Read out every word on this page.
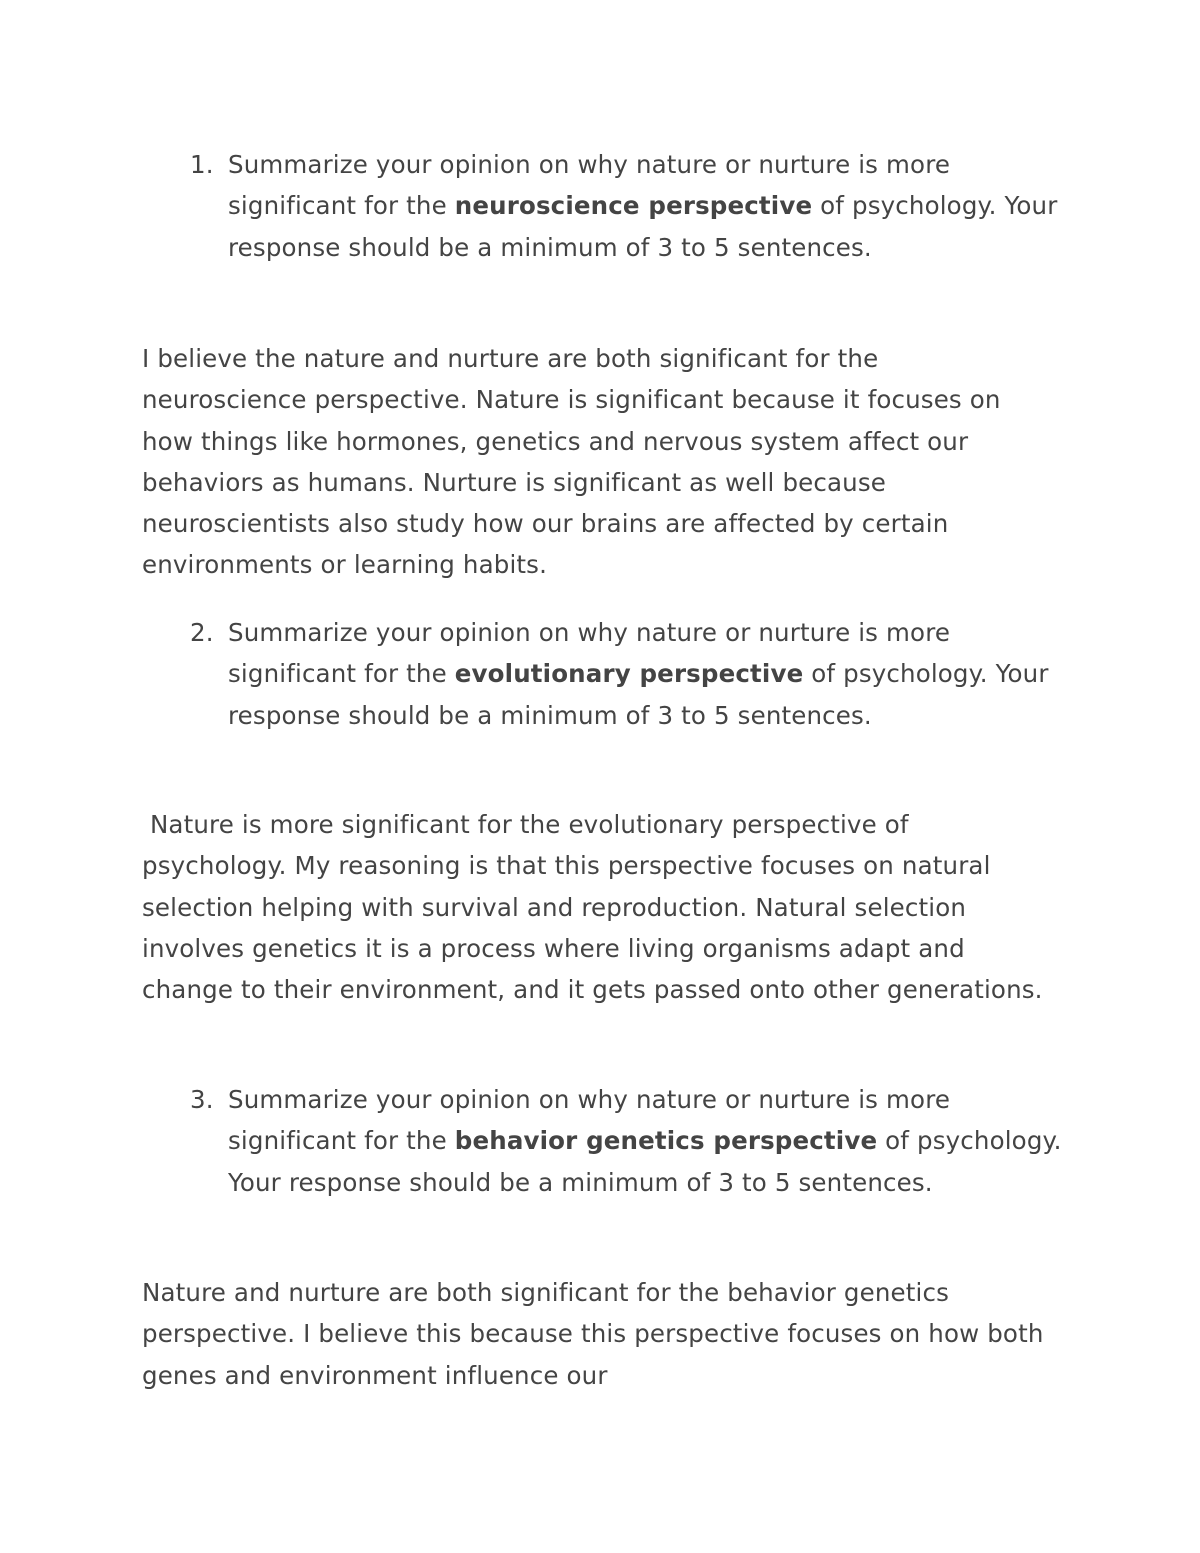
1. Summarize your opinion on why nature or nurture is more significant for the neuroscience perspective of psychology. Your response should be a minimum of 3 to 5 sentences.
I believe the nature and nurture are both significant for the neuroscience perspective. Nature is significant because it focuses on how things like hormones, genetics and nervous system affect our behaviors as humans. Nurture is significant as well because neuroscientists also study how our brains are affected by certain environments or learning habits.
2. Summarize your opinion on why nature or nurture is more significant for the evolutionary perspective of psychology. Your response should be a minimum of 3 to 5 sentences.
Nature is more significant for the evolutionary perspective of psychology. My reasoning is that this perspective focuses on natural selection helping with survival and reproduction. Natural selection involves genetics it is a process where living organisms adapt and change to their environment, and it gets passed onto other generations.
3. Summarize your opinion on why nature or nurture is more significant for the behavior genetics perspective of psychology. Your response should be a minimum of 3 to 5 sentences.
Nature and nurture are both significant for the behavior genetics perspective. I believe this because this perspective focuses on how both genes and environment influence our
